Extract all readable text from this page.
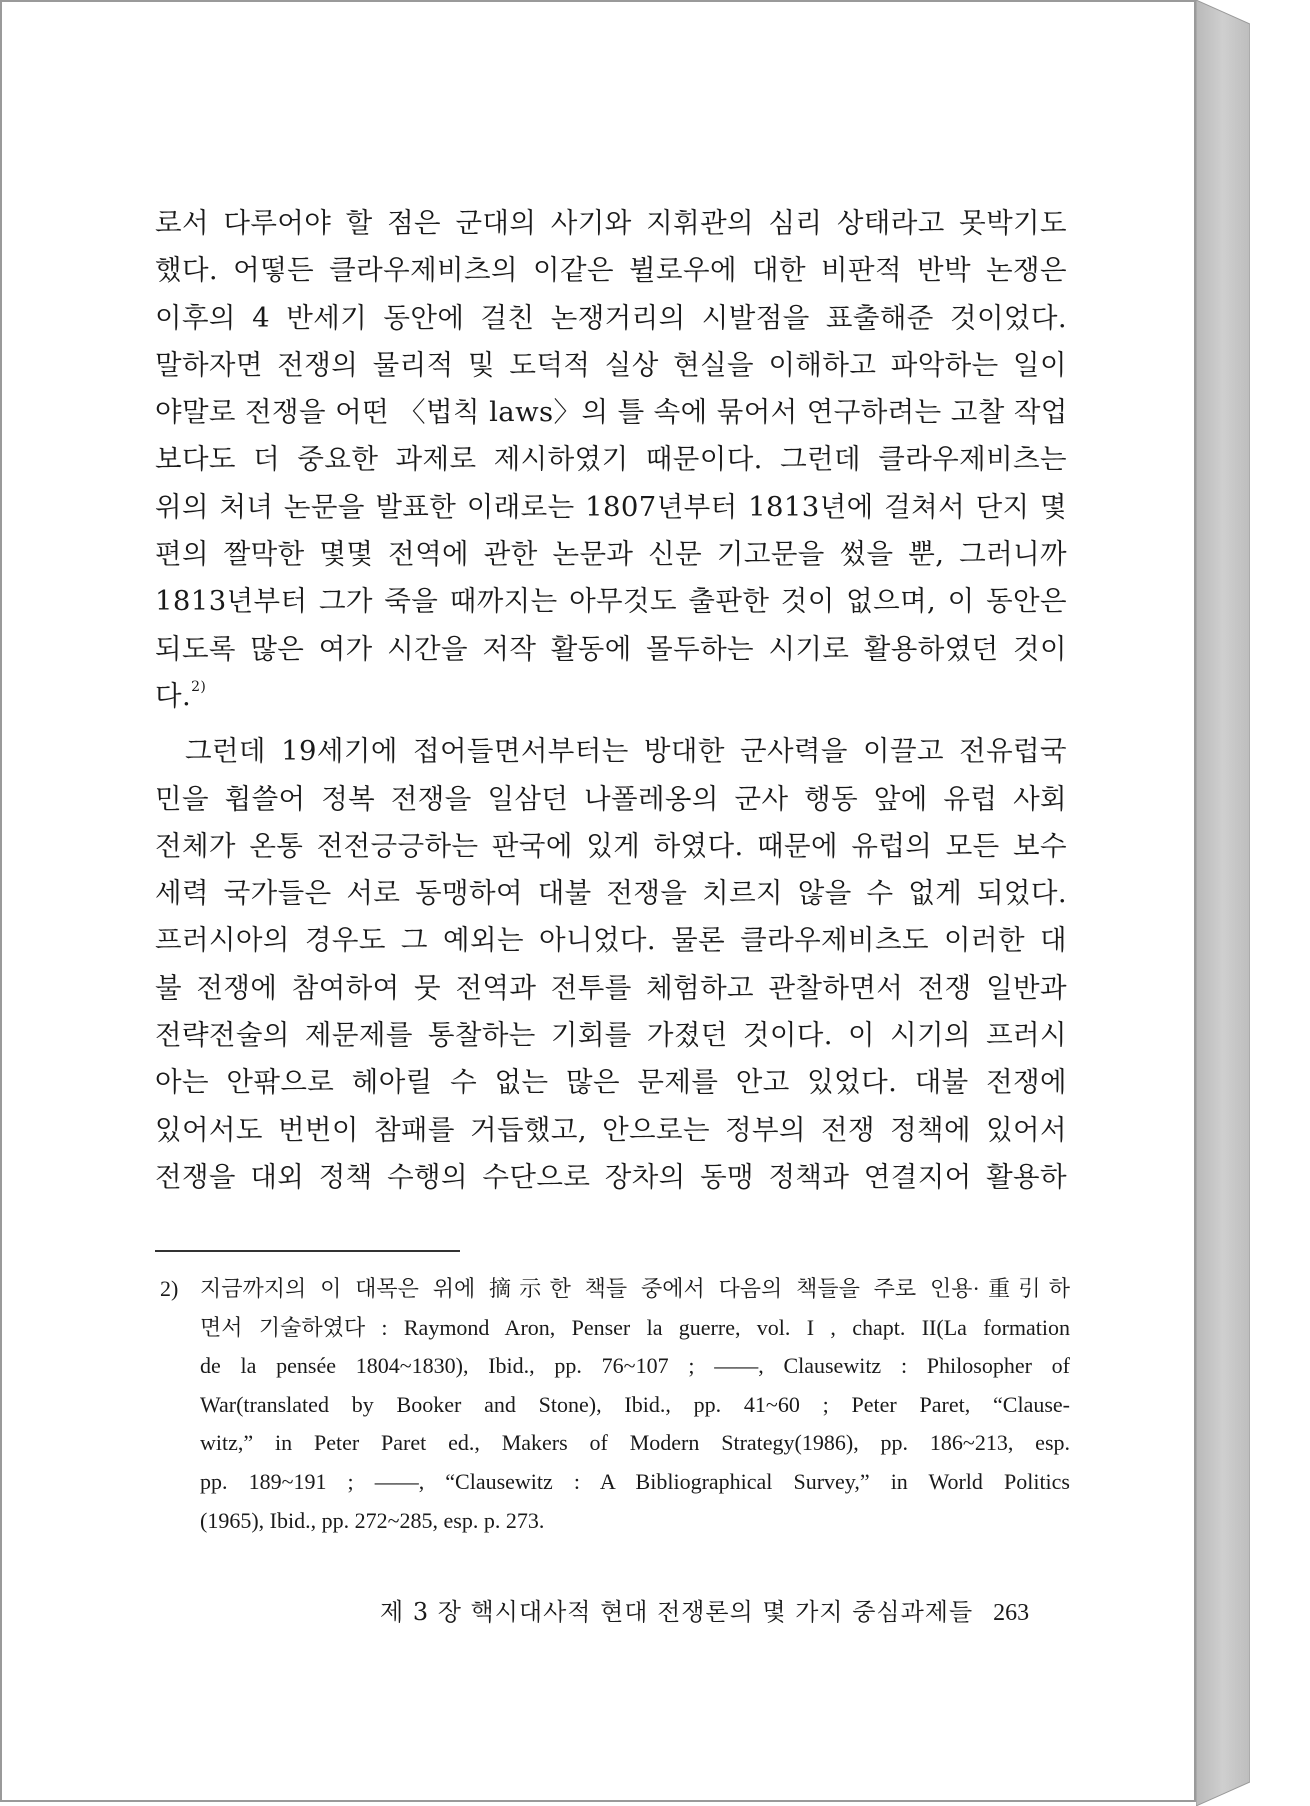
로서 다루어야 할 점은 군대의 사기와 지휘관의 심리 상태라고 못박기도
했다. 어떻든 클라우제비츠의 이같은 뷜로우에 대한 비판적 반박 논쟁은
이후의 4 반세기 동안에 걸친 논쟁거리의 시발점을 표출해준 것이었다.
말하자면 전쟁의 물리적 및 도덕적 실상 현실을 이해하고 파악하는 일이
야말로 전쟁을 어떤 〈법칙 laws〉의 틀 속에 묶어서 연구하려는 고찰 작업
보다도 더 중요한 과제로 제시하였기 때문이다. 그런데 클라우제비츠는
위의 처녀 논문을 발표한 이래로는 1807년부터 1813년에 걸쳐서 단지 몇
편의 짤막한 몇몇 전역에 관한 논문과 신문 기고문을 썼을 뿐, 그러니까
1813년부터 그가 죽을 때까지는 아무것도 출판한 것이 없으며, 이 동안은
되도록 많은 여가 시간을 저작 활동에 몰두하는 시기로 활용하였던 것이
다.$^{2)}$
그런데 19세기에 접어들면서부터는 방대한 군사력을 이끌고 전유럽국
민을 휩쓸어 정복 전쟁을 일삼던 나폴레옹의 군사 행동 앞에 유럽 사회
전체가 온통 전전긍긍하는 판국에 있게 하였다. 때문에 유럽의 모든 보수
세력 국가들은 서로 동맹하여 대불 전쟁을 치르지 않을 수 없게 되었다.
프러시아의 경우도 그 예외는 아니었다. 물론 클라우제비츠도 이러한 대
불 전쟁에 참여하여 뭇 전역과 전투를 체험하고 관찰하면서 전쟁 일반과
전략전술의 제문제를 통찰하는 기회를 가졌던 것이다. 이 시기의 프러시
아는 안팎으로 헤아릴 수 없는 많은 문제를 안고 있었다. 대불 전쟁에
있어서도 번번이 참패를 거듭했고, 안으로는 정부의 전쟁 정책에 있어서
전쟁을 대외 정책 수행의 수단으로 장차의 동맹 정책과 연결지어 활용하
2) 지금까지의 이 대목은 위에 摘示한 책들 중에서 다음의 책들을 주로 인용·重引하
면서 기술하였다 : Raymond Aron, Penser la guerre, vol. I , chapt. II(La formation
de la pensée 1804~1830), Ibid., pp. 76~107 ; ——, Clausewitz : Philosopher of
War(translated by Booker and Stone), Ibid., pp. 41~60 ; Peter Paret, “Clause-
witz,” in Peter Paret ed., Makers of Modern Strategy(1986), pp. 186~213, esp.
pp. 189~191 ; ——, “Clausewitz : A Bibliographical Survey,” in World Politics
(1965), Ibid., pp. 272~285, esp. p. 273.
제 3 장 핵시대사적 현대 전쟁론의 몇 가지 중심과제들 263
